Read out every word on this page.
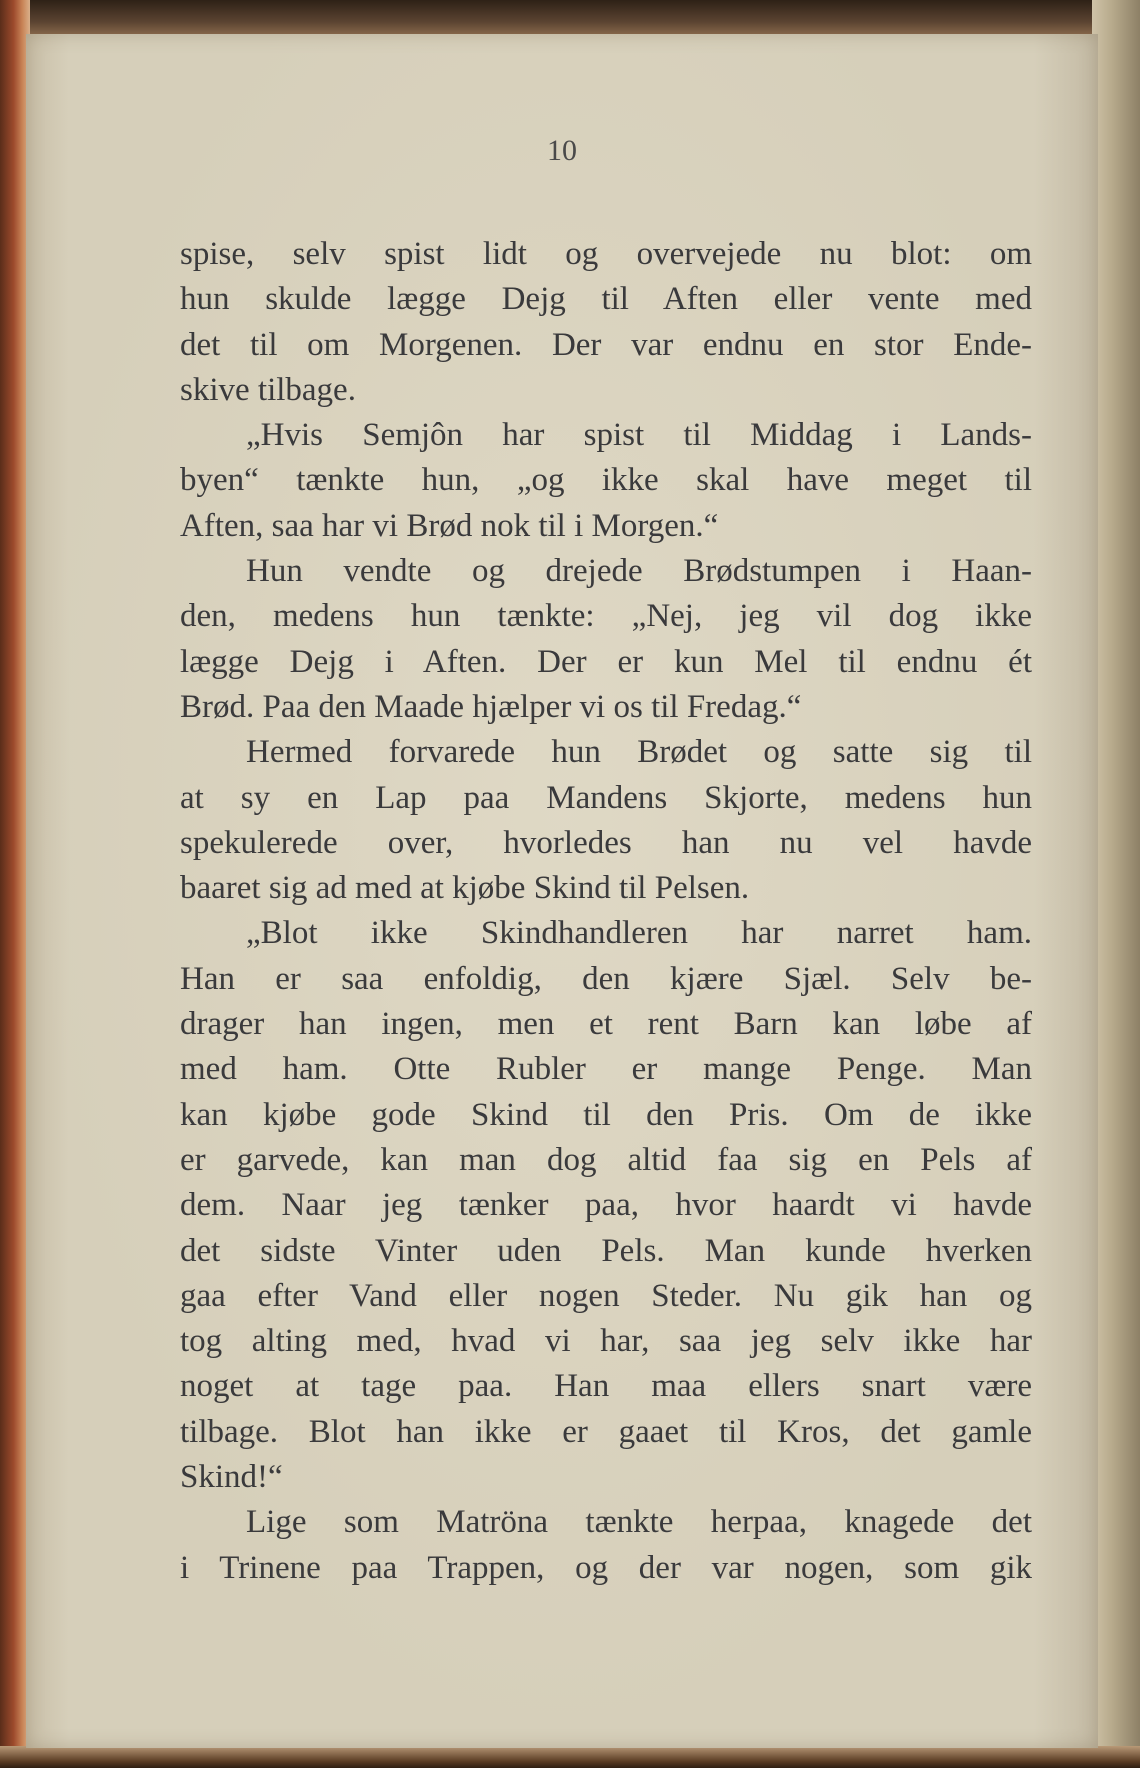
10
spise, selv spist lidt og overvejede nu blot: om
hun skulde lægge Dejg til Aften eller vente med
det til om Morgenen. Der var endnu en stor Ende-
skive tilbage.
„Hvis Semjôn har spist til Middag i Lands-
byen“ tænkte hun, „og ikke skal have meget til
Aften, saa har vi Brød nok til i Morgen.“
Hun vendte og drejede Brødstumpen i Haan-
den, medens hun tænkte: „Nej, jeg vil dog ikke
lægge Dejg i Aften. Der er kun Mel til endnu ét
Brød. Paa den Maade hjælper vi os til Fredag.“
Hermed forvarede hun Brødet og satte sig til
at sy en Lap paa Mandens Skjorte, medens hun
spekulerede over, hvorledes han nu vel havde
baaret sig ad med at kjøbe Skind til Pelsen.
„Blot ikke Skindhandleren har narret ham.
Han er saa enfoldig, den kjære Sjæl. Selv be-
drager han ingen, men et rent Barn kan løbe af
med ham. Otte Rubler er mange Penge. Man
kan kjøbe gode Skind til den Pris. Om de ikke
er garvede, kan man dog altid faa sig en Pels af
dem. Naar jeg tænker paa, hvor haardt vi havde
det sidste Vinter uden Pels. Man kunde hverken
gaa efter Vand eller nogen Steder. Nu gik han og
tog alting med, hvad vi har, saa jeg selv ikke har
noget at tage paa. Han maa ellers snart være
tilbage. Blot han ikke er gaaet til Kros, det gamle
Skind!“
Lige som Matröna tænkte herpaa, knagede det
i Trinene paa Trappen, og der var nogen, som gik
